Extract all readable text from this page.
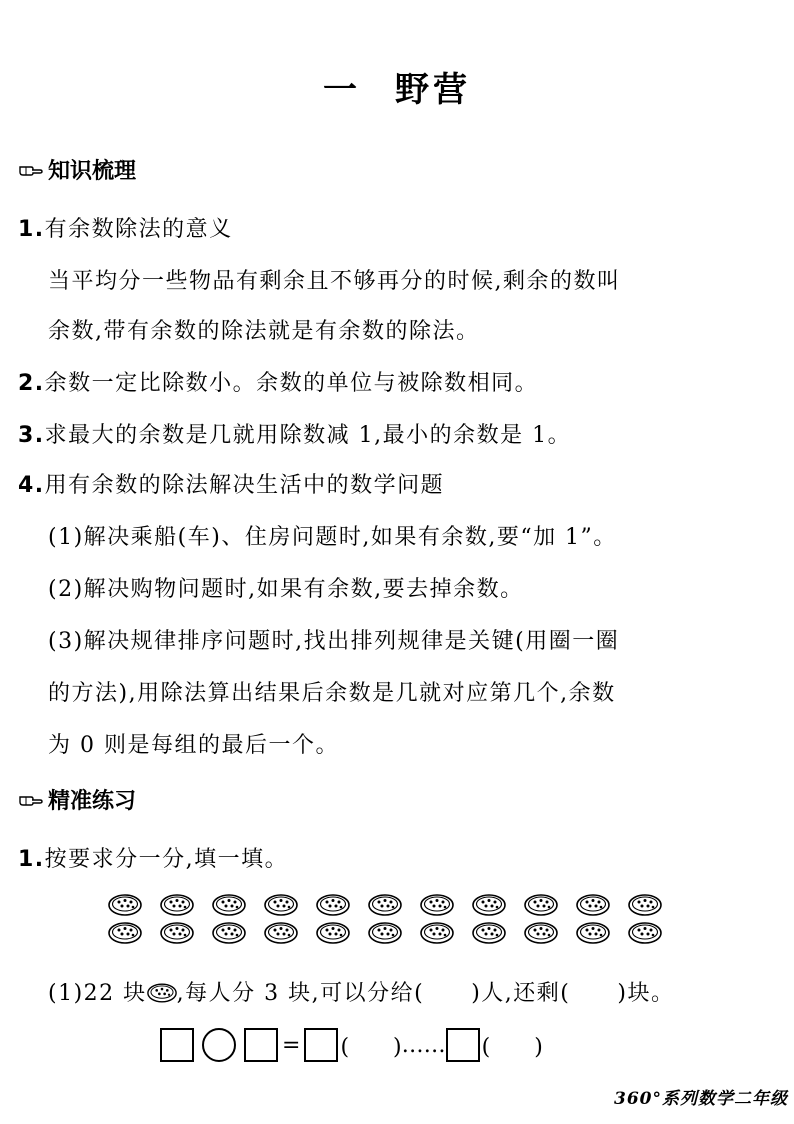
一 野营
知识梳理
1.有余数除法的意义
当平均分一些物品有剩余且不够再分的时候,剩余的数叫
余数,带有余数的除法就是有余数的除法。
2.余数一定比除数小。余数的单位与被除数相同。
3.求最大的余数是几就用除数减 1,最小的余数是 1。
4.用有余数的除法解决生活中的数学问题
(1)解决乘船(车)、住房问题时,如果有余数,要“加 1”。
(2)解决购物问题时,如果有余数,要去掉余数。
(3)解决规律排序问题时,找出排列规律是关键(用圈一圈
的方法),用除法算出结果后余数是几就对应第几个,余数
为 0 则是每组的最后一个。
精准练习
1.按要求分一分,填一填。
(1)22 块 ,每人分 3 块,可以分给(　　)人,还剩(　　)块。
= (　　) …… (　　)
360°系列数学二年级
